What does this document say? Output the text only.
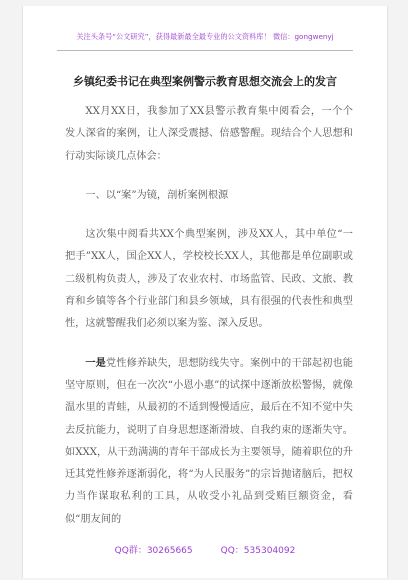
关注头条号“公文研究”，获得最新最全最专业的公文资料库！ 微信：gongwenyj
乡镇纪委书记在典型案例警示教育思想交流会上的发言

XX月XX日，我参加了XX县警示教育集中阅看会，一个个发人深省的案例，让人深受震撼、倍感警醒。现结合个人思想和行动实际谈几点体会：

一、以“案”为镜，剖析案例根源

这次集中阅看共XX个典型案例，涉及XX人，其中单位“一把手”XX人，国企XX人，学校校长XX人，其他都是单位副职或二级机构负责人，涉及了农业农村、市场监管、民政、文旅、教育和乡镇等各个行业部门和县乡领域，具有很强的代表性和典型性，这就警醒我们必须以案为鉴、深入反思。

一是党性修养缺失，思想防线失守。案例中的干部起初也能坚守原则，但在一次次“小恩小惠”的试探中逐渐放松警惕，就像温水里的青蛙，从最初的不适到慢慢适应，最后在不知不觉中失去反抗能力，说明了自身思想逐渐滑坡、自我约束的逐渐失守。如XXX，从干劲满满的青年干部成长为主要领导，随着职位的升迁其党性修养逐渐弱化，将“为人民服务”的宗旨抛诸脑后，把权力当作谋取私利的工具，从收受小礼品到受贿巨额资金，看似“朋友间的

QQ群：30265665	QQ：535304092
